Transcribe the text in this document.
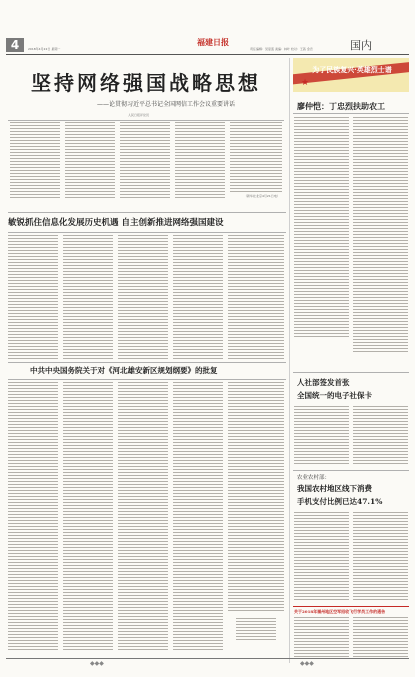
4	2018年4月22日 星期一
福建日报
责任编辑：吴爱莲 美编：林叶 校对：王茜 金忠	国内
坚持网络强国战略思想
——论贯彻习近平总书记全国网信工作会议重要讲话
人民日报评论员
（新华社北京4月21日电）
为了民族复兴·英雄烈士谱
★
廖仲恺：丁忠烈扶助农工
敏锐抓住信息化发展历史机遇 自主创新推进网络强国建设
中共中央国务院关于对《河北雄安新区规划纲要》的批复
人社部签发首张
全国统一的电子社保卡
农业农村部：
我国农村地区线下消费
手机支付比例已达47.1%
关于2018年福州地区空军招收飞行学员工作的通告
◆◆◆	◆◆◆
